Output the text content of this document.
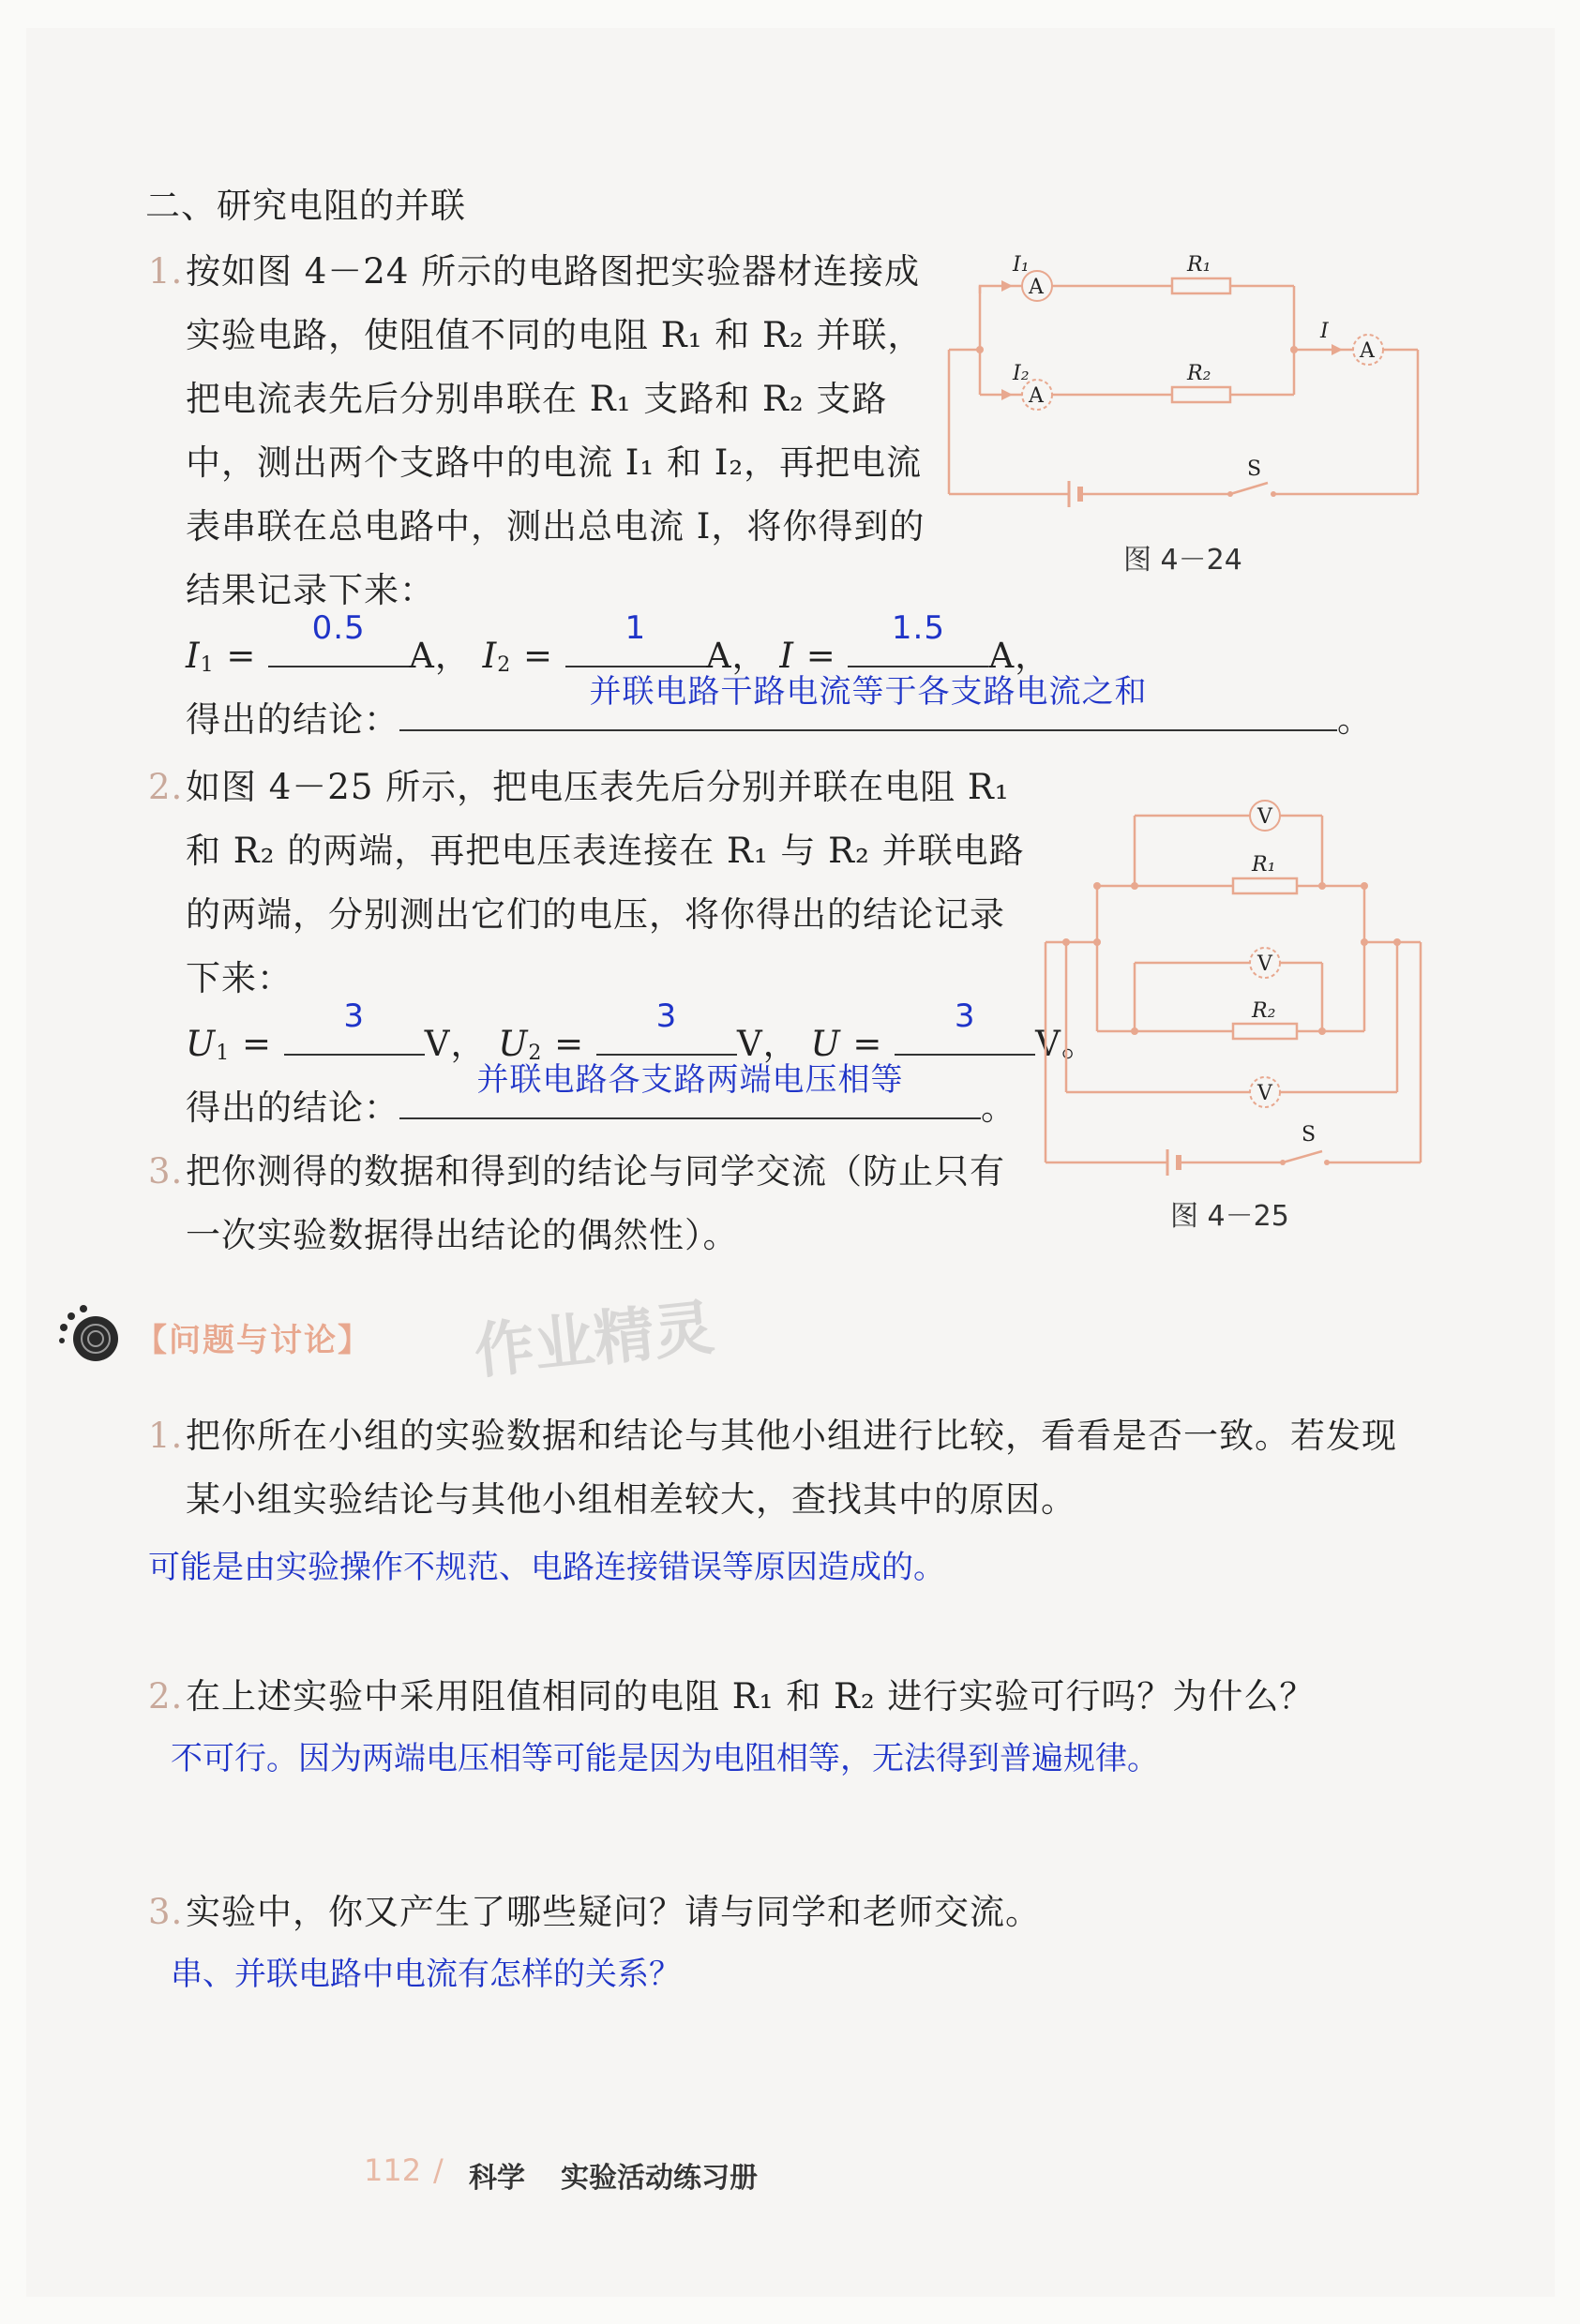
二、研究电阻的并联
1. 按如图 4－24 所示的电路图把实验器材连接成
实验电路，使阻值不同的电阻 R₁ 和 R₂ 并联，
把电流表先后分别串联在 R₁ 支路和 R₂ 支路
中，测出两个支路中的电流 I₁ 和 I₂，再把电流
表串联在总电路中，测出总电流 I，将你得到的
结果记录下来：
I1 =
0.5
A， I2 =
1
A， I =
1.5
A，
得出的结论：
并联电路干路电流等于各支路电流之和
。
A
A
A
I₁
I₂
I
R₁
R₂
S
图 4－24
2. 如图 4－25 所示，把电压表先后分别并联在电阻 R₁
和 R₂ 的两端，再把电压表连接在 R₁ 与 R₂ 并联电路
的两端，分别测出它们的电压，将你得出的结论记录
下来：
U1 =
3
V， U2 =
3
V， U =
3
V。
得出的结论：
并联电路各支路两端电压相等
。
V
V
V
R₁
R₂
S
图 4－25
3. 把你测得的数据和得到的结论与同学交流（防止只有
一次实验数据得出结论的偶然性）。
【问题与讨论】 作业精灵
1. 把你所在小组的实验数据和结论与其他小组进行比较，看看是否一致。若发现
某小组实验结论与其他小组相差较大，查找其中的原因。
可能是由实验操作不规范、电路连接错误等原因造成的。
2. 在上述实验中采用阻值相同的电阻 R₁ 和 R₂ 进行实验可行吗？为什么？
不可行。因为两端电压相等可能是因为电阻相等，无法得到普遍规律。
3. 实验中，你又产生了哪些疑问？请与同学和老师交流。
串、并联电路中电流有怎样的关系？
112 / 科学 实验活动练习册
